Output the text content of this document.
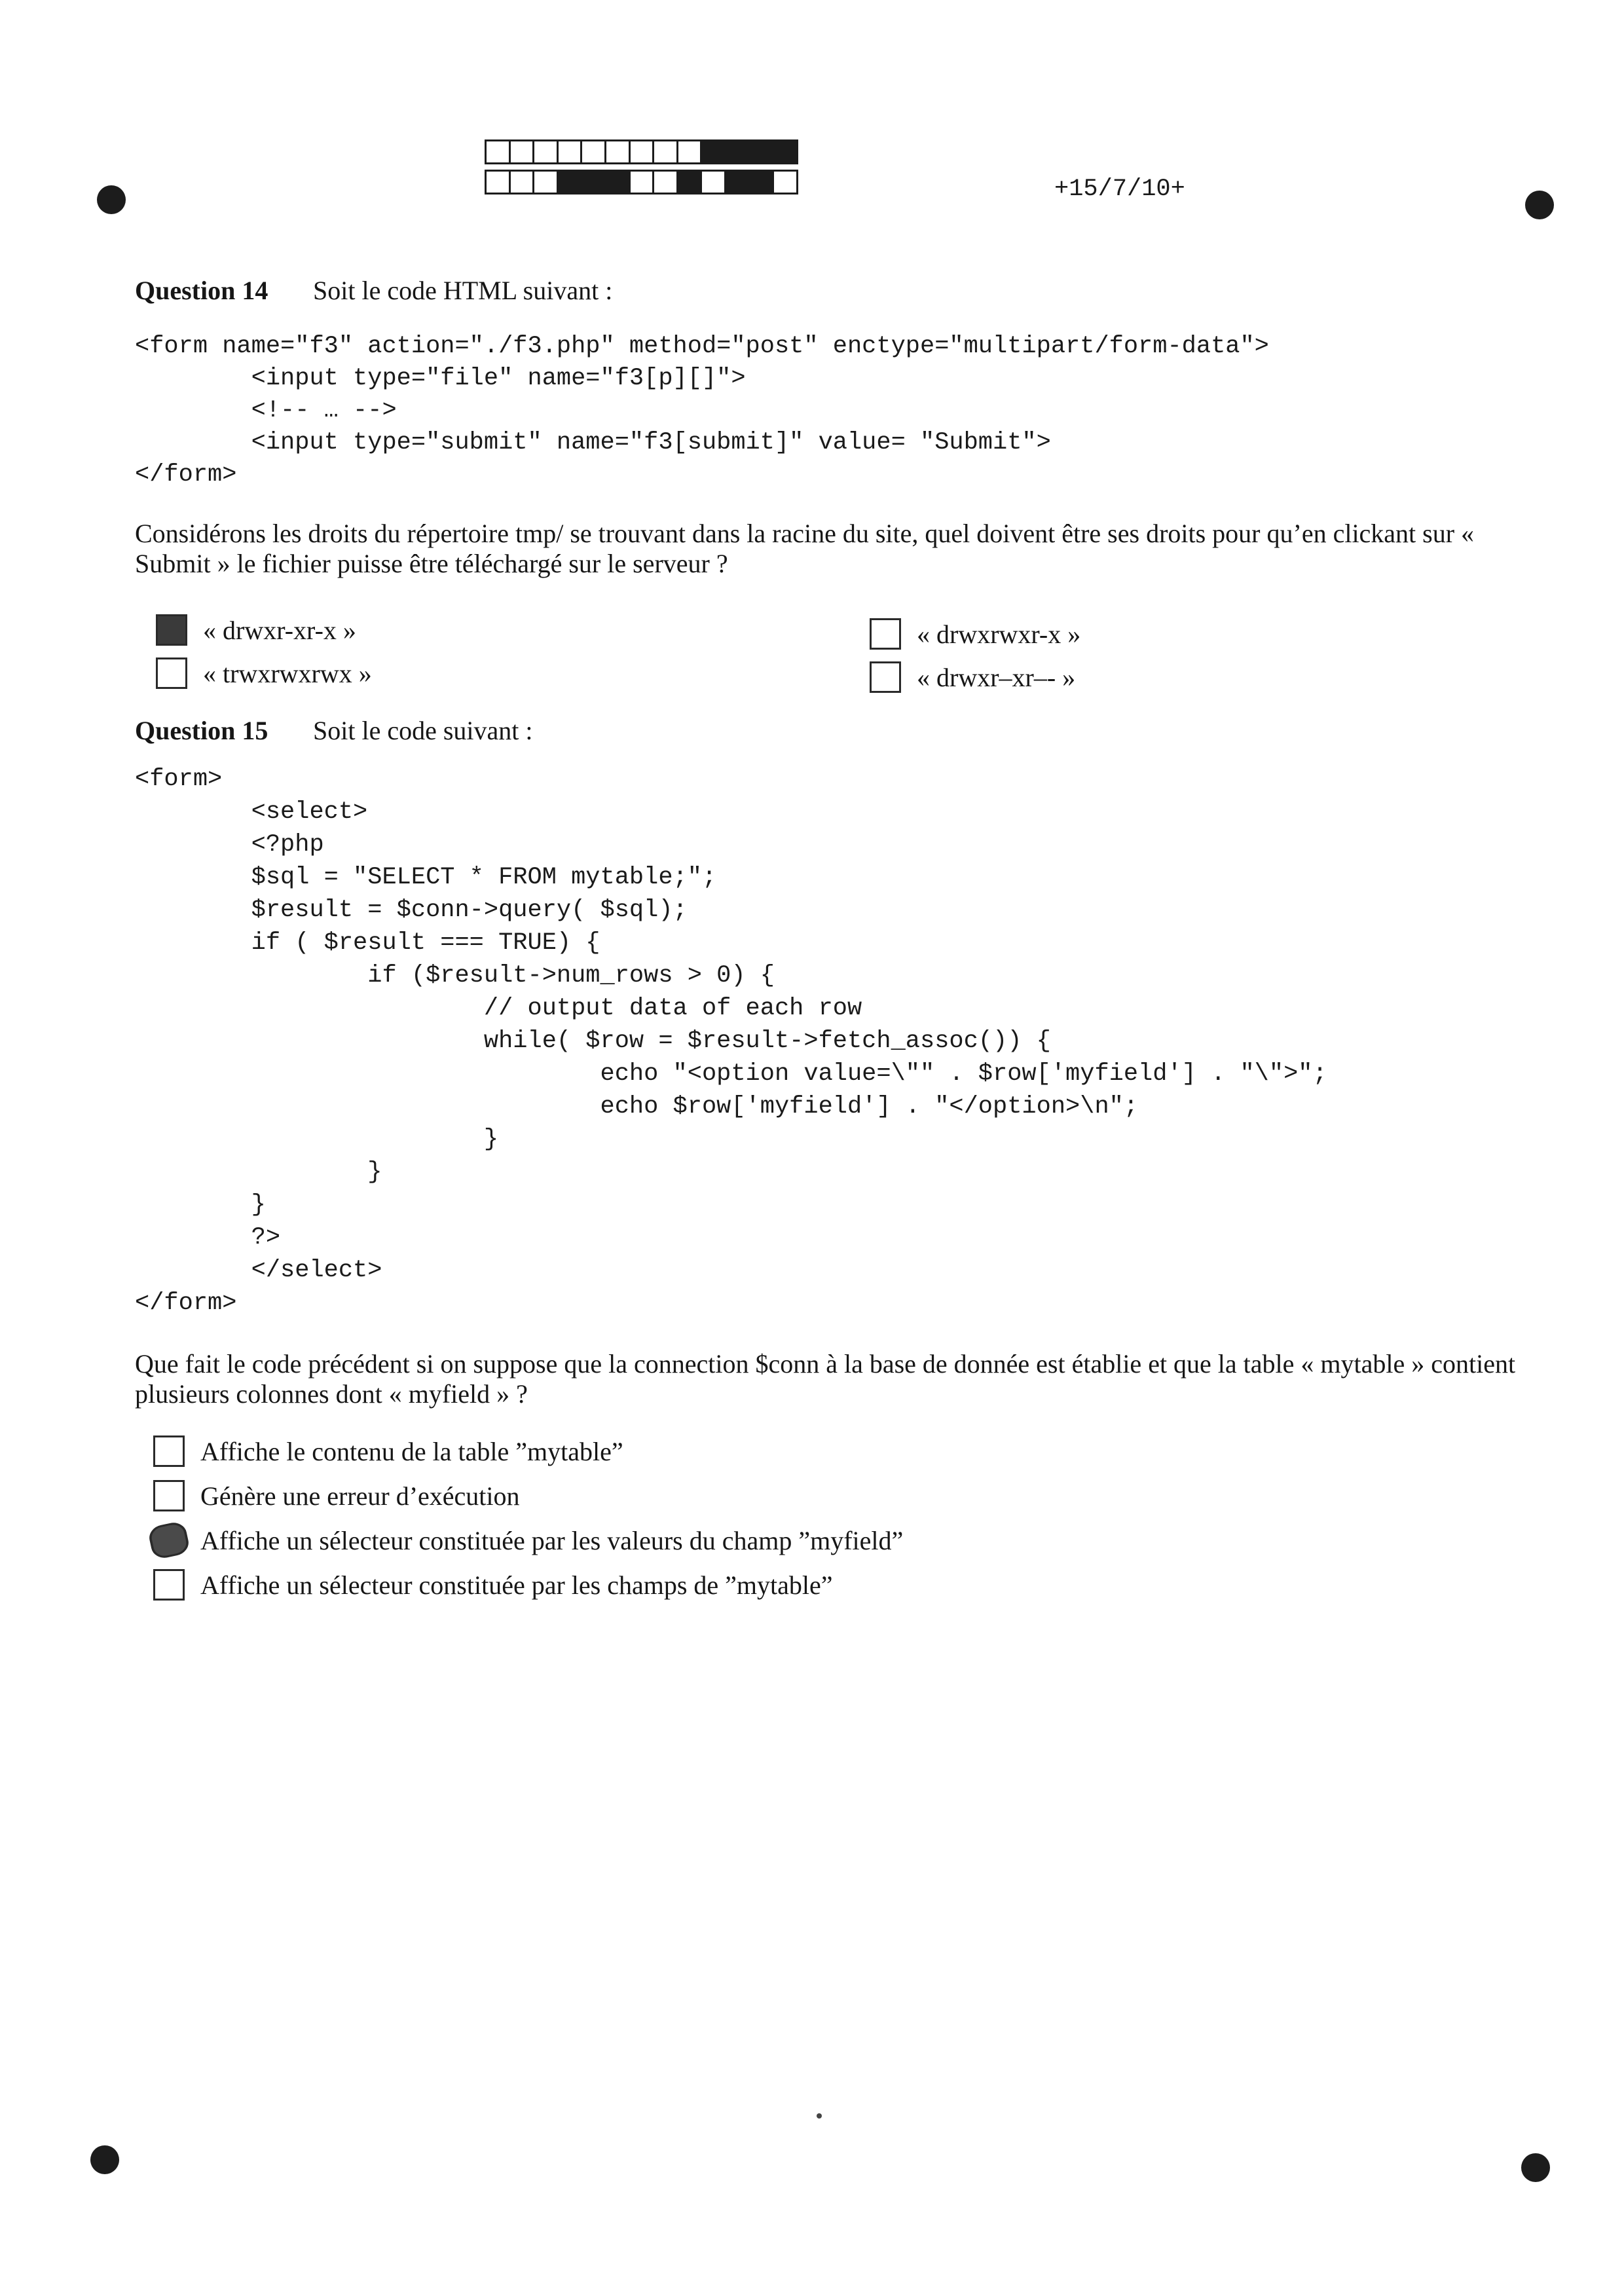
+15/7/10+
Question 14 Soit le code HTML suivant :
<form name="f3" action="./f3.php" method="post" enctype="multipart/form-data">
<input type="file" name="f3[p][]">
<!-- … -->
<input type="submit" name="f3[submit]" value= "Submit">
</form>
Considérons les droits du répertoire tmp/ se trouvant dans la racine du site, quel doivent être ses droits pour qu’en clickant sur « Submit » le fichier puisse être téléchargé sur le serveur ?
« drwxr-xr-x »
« trwxrwxrwx »
« drwxrwxr-x »
« drwxr–xr–- »
Question 15 Soit le code suivant :
<form>
<select>
<?php
$sql = "SELECT * FROM mytable;";
$result = $conn->query( $sql);
if ( $result === TRUE) {
if ($result->num_rows > 0) {
// output data of each row
while( $row = $result->fetch_assoc()) {
echo "<option value=\"" . $row['myfield'] . "\">";
echo $row['myfield'] . "</option>\n";
}
}
}
?>
</select>
</form>
Que fait le code précédent si on suppose que la connection $conn à la base de donnée est établie et que la table « mytable » contient plusieurs colonnes dont « myfield » ?
Affiche le contenu de la table ”mytable”
Génère une erreur d’exécution
Affiche un sélecteur constituée par les valeurs du champ ”myfield”
Affiche un sélecteur constituée par les champs de ”mytable”
